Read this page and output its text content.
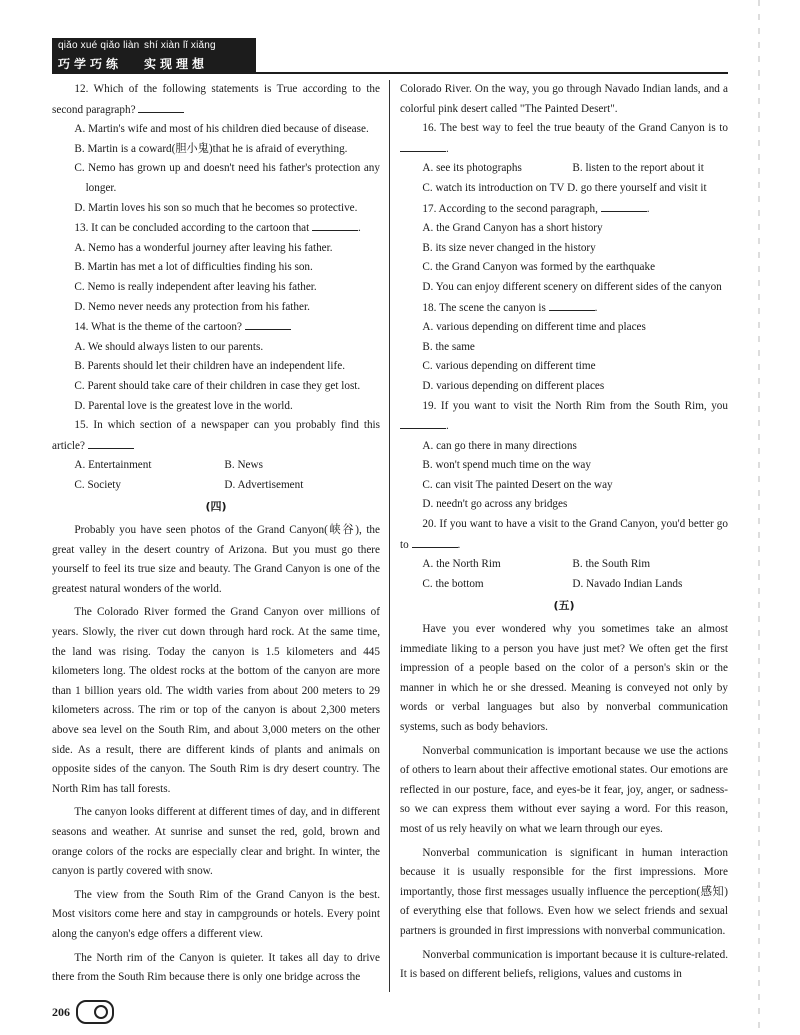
qiǎo xué qiǎo liàn shí xiàn lǐ xiǎng
巧学巧练 实现理想

12. Which of the following statements is True according to the second paragraph?

A. Martin's wife and most of his children died because of disease.

B. Martin is a coward(胆小鬼)that he is afraid of everything.

C. Nemo has grown up and doesn't need his father's protection any longer.

D. Martin loves his son so much that he becomes so protective.

13. It can be concluded according to the cartoon that	.

A. Nemo has a wonderful journey after leaving his father.

B. Martin has met a lot of difficulties finding his son.

C. Nemo is really independent after leaving his father.

D. Nemo never needs any protection from his father.

14. What is the theme of the cartoon?

A. We should always listen to our parents.

B. Parents should let their children have an independent life.

C. Parent should take care of their children in case they get lost.

D. Parental love is the greatest love in the world.

15. In which section of a newspaper can you probably find this article?

A. Entertainment	B. News
C. Society	D. Advertisement

(四)

Probably you have seen photos of the Grand Canyon(峡谷), the great valley in the desert country of Arizona. But you must go there yourself to feel its true size and beauty. The Grand Canyon is one of the greatest natural wonders of the world.

The Colorado River formed the Grand Canyon over millions of years. Slowly, the river cut down through hard rock. At the same time, the land was rising. Today the canyon is 1.5 kilometers and 445 kilometers long. The oldest rocks at the bottom of the canyon are more than 1 billion years old. The width varies from about 200 meters to 29 kilometers across. The rim or top of the canyon is about 2,300 meters above sea level on the South Rim, and about 3,000 meters on the other side. As a result, there are different kinds of plants and animals on opposite sides of the canyon. The South Rim is dry desert country. The North Rim has tall forests.

The canyon looks different at different times of day, and in different seasons and weather. At sunrise and sunset the red, gold, brown and orange colors of the rocks are especially clear and bright. In winter, the canyon is partly covered with snow.

The view from the South Rim of the Grand Canyon is the best. Most visitors come here and stay in campgrounds or hotels. Every point along the canyon's edge offers a different view.

The North rim of the Canyon is quieter. It takes all day to drive there from the South Rim because there is only one bridge across the

Colorado River. On the way, you go through Navado Indian lands, and a colorful pink desert called "The Painted Desert".

16. The best way to feel the true beauty of the Grand Canyon is to .

A. see its photographs	B. listen to the report about it

C. watch its introduction on TV D. go there yourself and visit it

17. According to the second paragraph,	.

A. the Grand Canyon has a short history

B. its size never changed in the history

C. the Grand Canyon was formed by the earthquake

D. You can enjoy different scenery on different sides of the canyon

18. The scene the canyon is	.

A. various depending on different time and places

B. the same

C. various depending on different time

D. various depending on different places

19. If you want to visit the North Rim from the South Rim, you .

A. can go there in many directions

B. won't spend much time on the way

C. can visit The painted Desert on the way

D. needn't go across any bridges

20. If you want to have a visit to the Grand Canyon, you'd better go to	.

A. the North Rim	B. the South Rim
C. the bottom	D. Navado Indian Lands

(五)

Have you ever wondered why you sometimes take an almost immediate liking to a person you have just met? We often get the first impression of a people based on the color of a person's skin or the manner in which he or she dressed. Meaning is conveyed not only by words or verbal languages but also by nonverbal communication systems, such as body behaviors.

Nonverbal communication is important because we use the actions of others to learn about their affective emotional states. Our emotions are reflected in our posture, face, and eyes-be it fear, joy, anger, or sadness-so we can express them without ever saying a word. For this reason, most of us rely heavily on what we learn through our eyes.

Nonverbal communication is significant in human interaction because it is usually responsible for the first impressions. More importantly, those first messages usually influence the perception(感知) of everything else that follows. Even how we select friends and sexual partners is grounded in first impressions with nonverbal communication.

Nonverbal communication is important because it is culture-related. It is based on different beliefs, religions, values and customs in

206
